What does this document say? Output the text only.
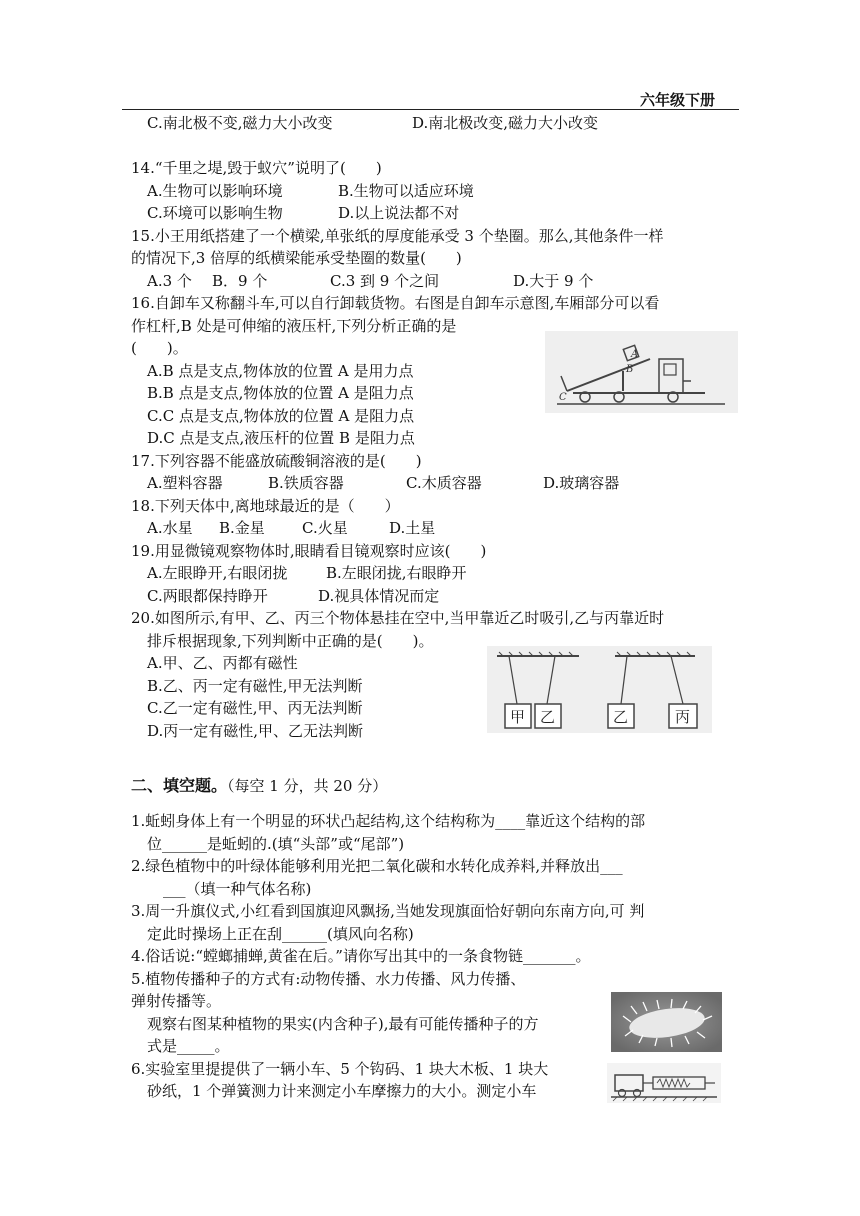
六年级下册
C.南北极不变,磁力大小改变	D.南北极改变,磁力大小改变
14.“千里之堤,毁于蚁穴”说明了(　　)
A.生物可以影响环境	B.生物可以适应环境
C.环境可以影响生物	D.以上说法都不对
15.小王用纸搭建了一个横梁,单张纸的厚度能承受 3 个垫圈。那么,其他条件一样
的情况下,3 倍厚的纸横梁能承受垫圈的数量(　　)
A.3 个 B．9 个	C.3 到 9 个之间	D.大于 9 个
16.自卸车又称翻斗车,可以自行卸载货物。右图是自卸车示意图,车厢部分可以看
作杠杆,B 处是可伸缩的液压杆,下列分析正确的是
(　　)。
A.B 点是支点,物体放的位置 A 是用力点
B.B 点是支点,物体放的位置 A 是阻力点
C.C 点是支点,物体放的位置 A 是阻力点
D.C 点是支点,液压杆的位置 B 是阻力点
A
B
C
17.下列容器不能盛放硫酸铜溶液的是(　　)
A.塑料容器	B.铁质容器	C.木质容器	D.玻璃容器
18.下列天体中,离地球最近的是（　　）
A.水星 B.金星 C.火星	D.土星
19.用显微镜观察物体时,眼睛看目镜观察时应该(　　)
A.左眼睁开,右眼闭拢	B.左眼闭拢,右眼睁开
C.两眼都保持睁开	D.视具体情况而定
20.如图所示,有甲、乙、丙三个物体悬挂在空中,当甲靠近乙时吸引,乙与丙靠近时
排斥根据现象,下列判断中正确的是(　　)。
A.甲、乙、丙都有磁性
B.乙、丙一定有磁性,甲无法判断
C.乙一定有磁性,甲、丙无法判断
D.丙一定有磁性,甲、乙无法判断
甲 乙	乙	丙
二、填空题。（每空 1 分，共 20 分）
1.蚯蚓身体上有一个明显的环状凸起结构,这个结构称为____靠近这个结构的部
位______是蚯蚓的.(填“头部”或“尾部”)
2.绿色植物中的叶绿体能够利用光把二氧化碳和水转化成养料,并释放出___
___（填一种气体名称)
3.周一升旗仪式,小红看到国旗迎风飘扬,当她发现旗面恰好朝向东南方向,可 判
定此时操场上正在刮______(填风向名称)
4.俗话说:“螳螂捕蝉,黄雀在后。”请你写出其中的一条食物链_______。
5.植物传播种子的方式有:动物传播、水力传播、风力传播、
弹射传播等。
观察右图某种植物的果实(内含种子),最有可能传播种子的方
式是_____。
6.实验室里提提供了一辆小车、5 个钩码、1 块大木板、1 块大
砂纸，1 个弹簧测力计来测定小车摩擦力的大小。测定小车
